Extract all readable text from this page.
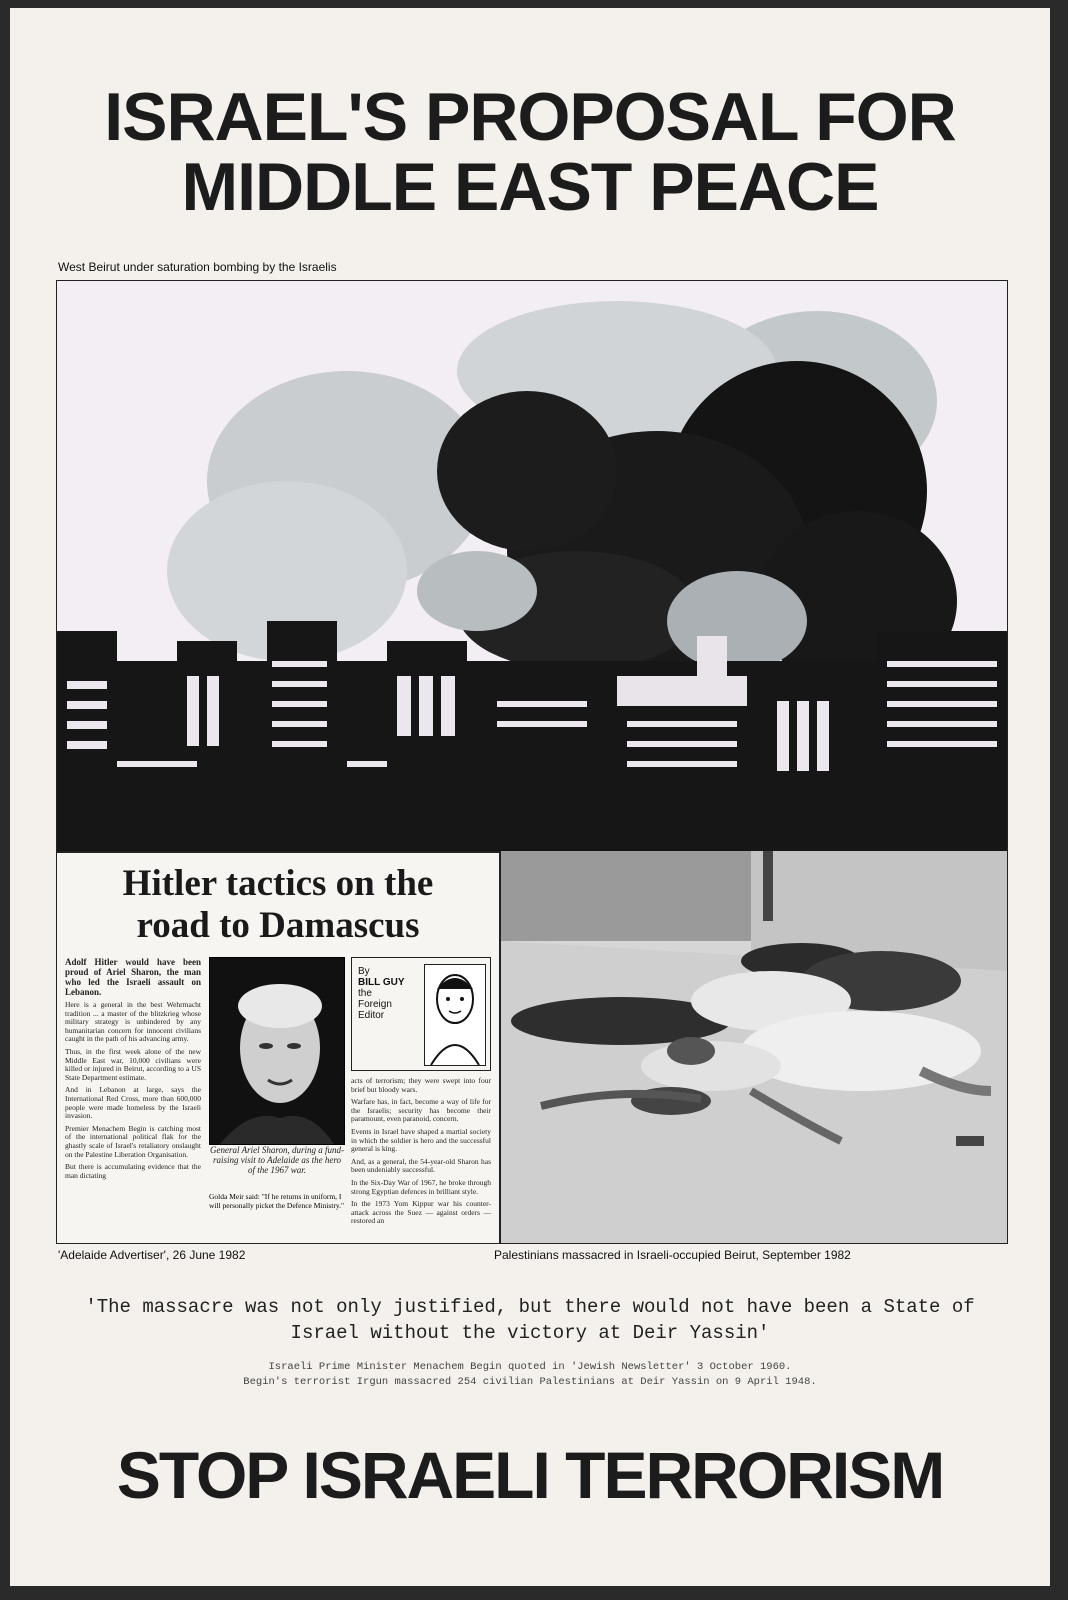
ISRAEL'S PROPOSAL FOR
MIDDLE EAST PEACE
West Beirut under saturation bombing by the Israelis
Hitler tactics on the
road to Damascus

Adolf Hitler would have been proud of Ariel Sharon, the man who led the Israeli assault on Lebanon.

Here is a general in the best Wehrmacht tradition ... a master of the blitzkrieg whose military strategy is unhindered by any humanitarian concern for innocent civilians caught in the path of his advancing army.

Thus, in the first week alone of the new Middle East war, 10,000 civilians were killed or injured in Beirut, according to a US State Department estimate.

And in Lebanon at large, says the International Red Cross, more than 600,000 people were made homeless by the Israeli invasion.

Premier Menachem Begin is catching most of the international political flak for the ghastly scale of Israel's retaliatory onslaught on the Palestine Liberation Organisation.

But there is accumulating evidence that the man dictating

General Ariel Sharon, during a fund-raising visit to Adelaide as the hero of the 1967 war.
Golda Meir said: "If he returns in uniform, I will personally picket the Defence Ministry."
By
BILL GUY
the
Foreign
Editor

acts of terrorism; they were swept into four brief but bloody wars.

Warfare has, in fact, become a way of life for the Israelis; security has become their paramount, even paranoid, concern.

Events in Israel have shaped a martial society in which the soldier is hero and the successful general is king.

And, as a general, the 54-year-old Sharon has been undeniably successful.

In the Six-Day War of 1967, he broke through strong Egyptian defences in brilliant style.

In the 1973 Yom Kippur war his counter-attack across the Suez — against orders — restored an

'Adelaide Advertiser', 26 June 1982	Palestinians massacred in Israeli-occupied Beirut, September 1982
'The massacre was not only justified, but there would not have been a State of Israel without the victory at Deir Yassin'
Israeli Prime Minister Menachem Begin quoted in 'Jewish Newsletter' 3 October 1960.
Begin's terrorist Irgun massacred 254 civilian Palestinians at Deir Yassin on 9 April 1948.
STOP ISRAELI TERRORISM
